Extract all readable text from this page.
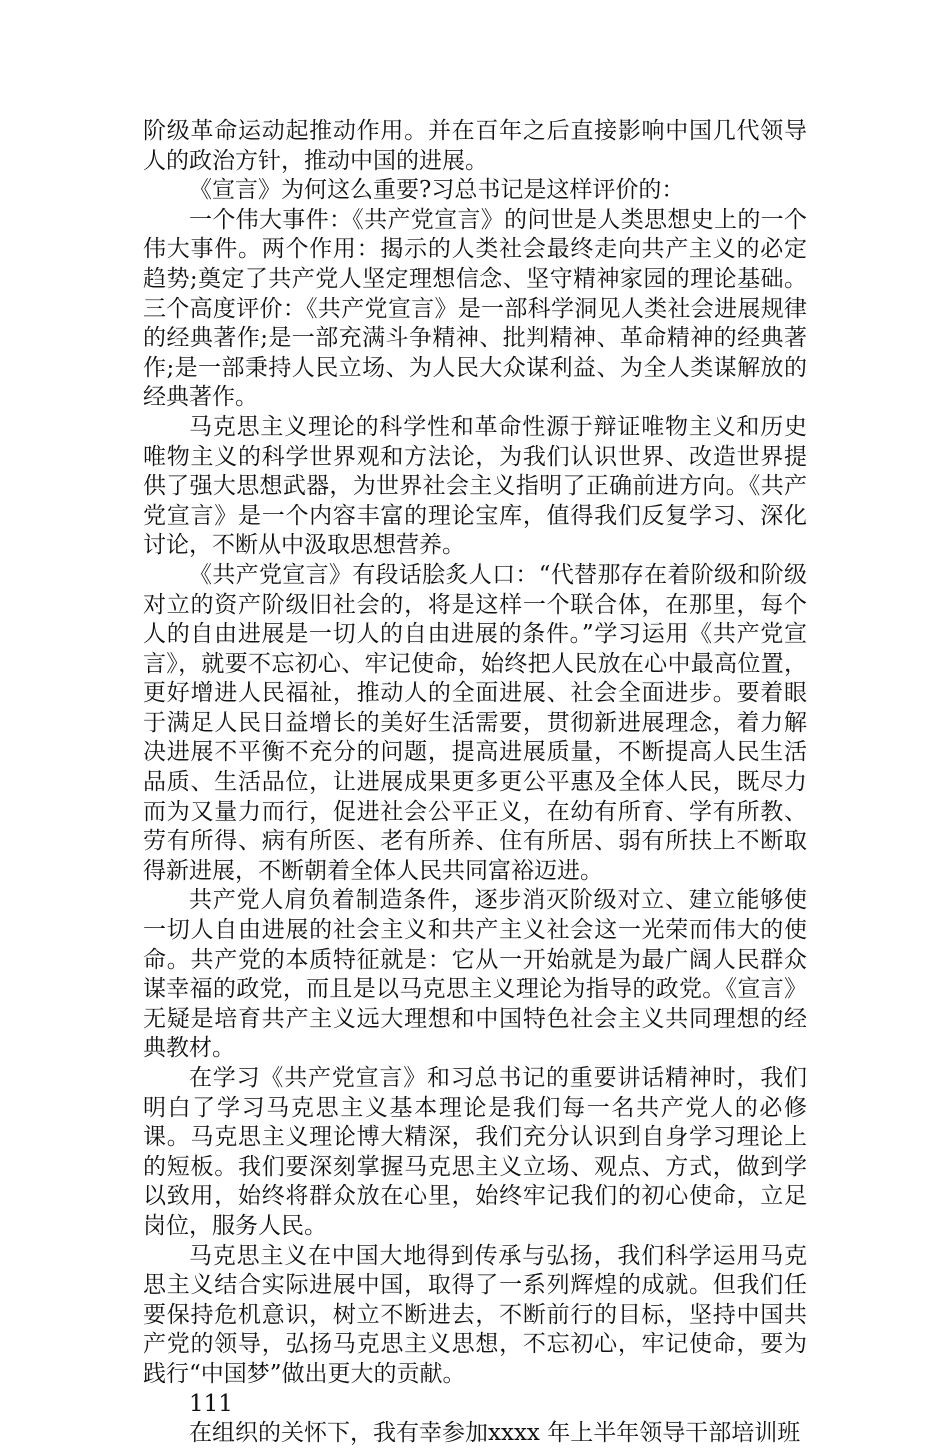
阶级革命运动起推动作用。并在百年之后直接影响中国几代领导人的政治方针，推动中国的进展。

《宣言》为何这么重要?习总书记是这样评价的：

一个伟大事件：《共产党宣言》的问世是人类思想史上的一个伟大事件。两个作用：揭示的人类社会最终走向共产主义的必定趋势;奠定了共产党人坚定理想信念、坚守精神家园的理论基础。三个高度评价：《共产党宣言》是一部科学洞见人类社会进展规律的经典著作;是一部充满斗争精神、批判精神、革命精神的经典著作;是一部秉持人民立场、为人民大众谋利益、为全人类谋解放的经典著作。

马克思主义理论的科学性和革命性源于辩证唯物主义和历史唯物主义的科学世界观和方法论，为我们认识世界、改造世界提供了强大思想武器，为世界社会主义指明了正确前进方向。《共产党宣言》是一个内容丰富的理论宝库，值得我们反复学习、深化讨论，不断从中汲取思想营养。

《共产党宣言》有段话脍炙人口：“代替那存在着阶级和阶级对立的资产阶级旧社会的，将是这样一个联合体，在那里，每个人的自由进展是一切人的自由进展的条件。”学习运用《共产党宣言》，就要不忘初心、牢记使命，始终把人民放在心中最高位置，更好增进人民福祉，推动人的全面进展、社会全面进步。要着眼于满足人民日益增长的美好生活需要，贯彻新进展理念，着力解决进展不平衡不充分的问题，提高进展质量，不断提高人民生活品质、生活品位，让进展成果更多更公平惠及全体人民，既尽力而为又量力而行，促进社会公平正义，在幼有所育、学有所教、劳有所得、病有所医、老有所养、住有所居、弱有所扶上不断取得新进展，不断朝着全体人民共同富裕迈进。

共产党人肩负着制造条件，逐步消灭阶级对立、建立能够使一切人自由进展的社会主义和共产主义社会这一光荣而伟大的使命。共产党的本质特征就是：它从一开始就是为最广阔人民群众谋幸福的政党，而且是以马克思主义理论为指导的政党。《宣言》无疑是培育共产主义远大理想和中国特色社会主义共同理想的经典教材。

在学习《共产党宣言》和习总书记的重要讲话精神时，我们明白了学习马克思主义基本理论是我们每一名共产党人的必修课。马克思主义理论博大精深，我们充分认识到自身学习理论上的短板。我们要深刻掌握马克思主义立场、观点、方式，做到学以致用，始终将群众放在心里，始终牢记我们的初心使命，立足岗位，服务人民。

马克思主义在中国大地得到传承与弘扬，我们科学运用马克思主义结合实际进展中国，取得了一系列辉煌的成就。但我们任要保持危机意识，树立不断进去，不断前行的目标，坚持中国共产党的领导，弘扬马克思主义思想，不忘初心，牢记使命，要为践行“中国梦”做出更大的贡献。

111

在组织的关怀下，我有幸参加xxxx 年上半年领导干部培训班
